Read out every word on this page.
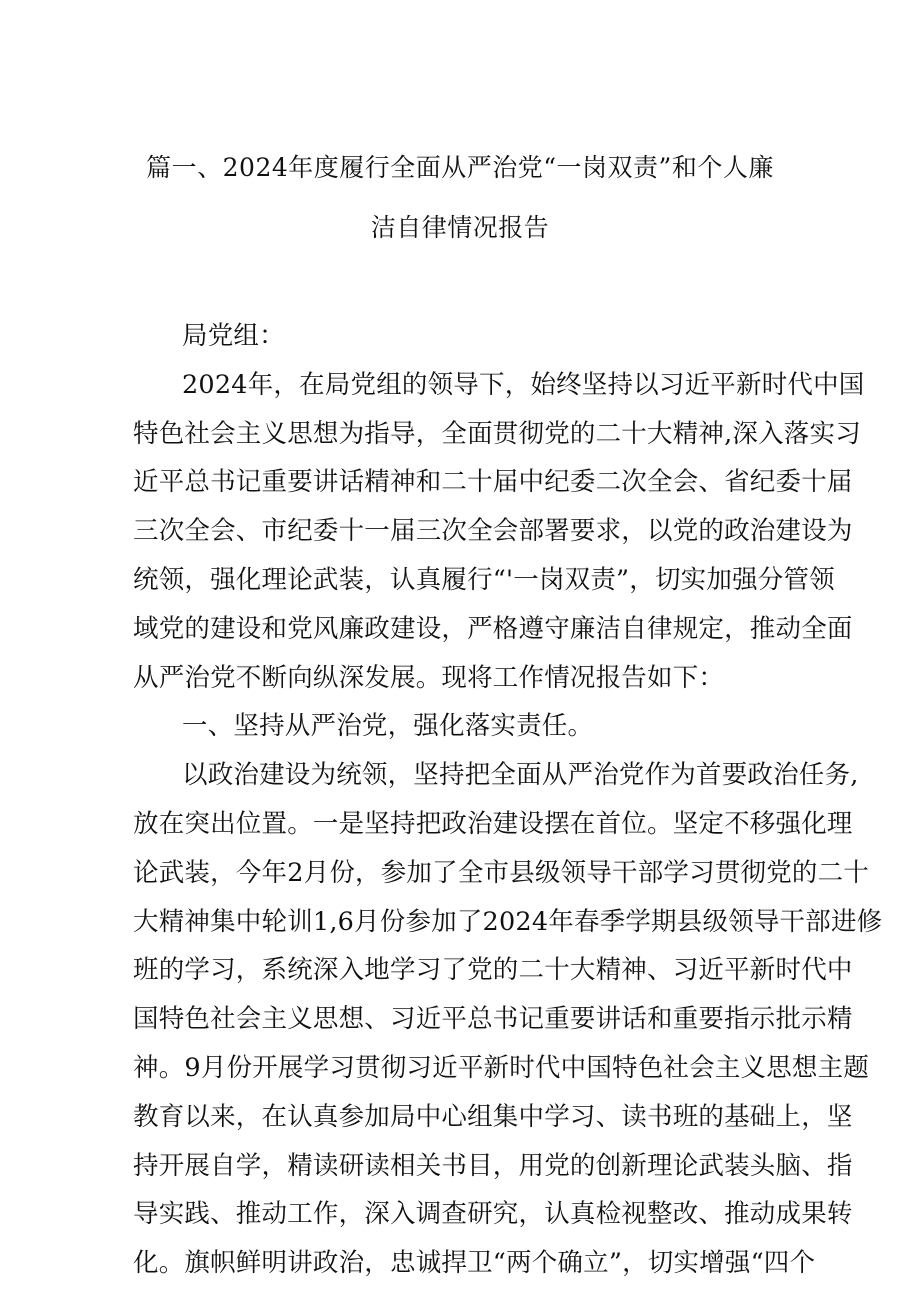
篇一、2024年度履行全面从严治党“一岗双责”和个人廉
洁自律情况报告
局党组：
2024年，在局党组的领导下，始终坚持以习近平新时代中国
特色社会主义思想为指导，全面贯彻党的二十大精神,深入落实习
近平总书记重要讲话精神和二十届中纪委二次全会、省纪委十届
三次全会、市纪委十一届三次全会部署要求，以党的政治建设为
统领，强化理论武装，认真履行“'一岗双责”，切实加强分管领
域党的建设和党风廉政建设，严格遵守廉洁自律规定，推动全面
从严治党不断向纵深发展。现将工作情况报告如下：
一、坚持从严治党，强化落实责任。
以政治建设为统领，坚持把全面从严治党作为首要政治任务,
放在突出位置。一是坚持把政治建设摆在首位。坚定不移强化理
论武装，今年2月份，参加了全市县级领导干部学习贯彻党的二十
大精神集中轮训1,6月份参加了2024年春季学期县级领导干部进修
班的学习，系统深入地学习了党的二十大精神、习近平新时代中
国特色社会主义思想、习近平总书记重要讲话和重要指示批示精
神。9月份开展学习贯彻习近平新时代中国特色社会主义思想主题
教育以来，在认真参加局中心组集中学习、读书班的基础上，坚
持开展自学，精读研读相关书目，用党的创新理论武装头脑、指
导实践、推动工作，深入调查研究，认真检视整改、推动成果转
化。旗帜鲜明讲政治，忠诚捍卫“两个确立”，切实增强“四个
